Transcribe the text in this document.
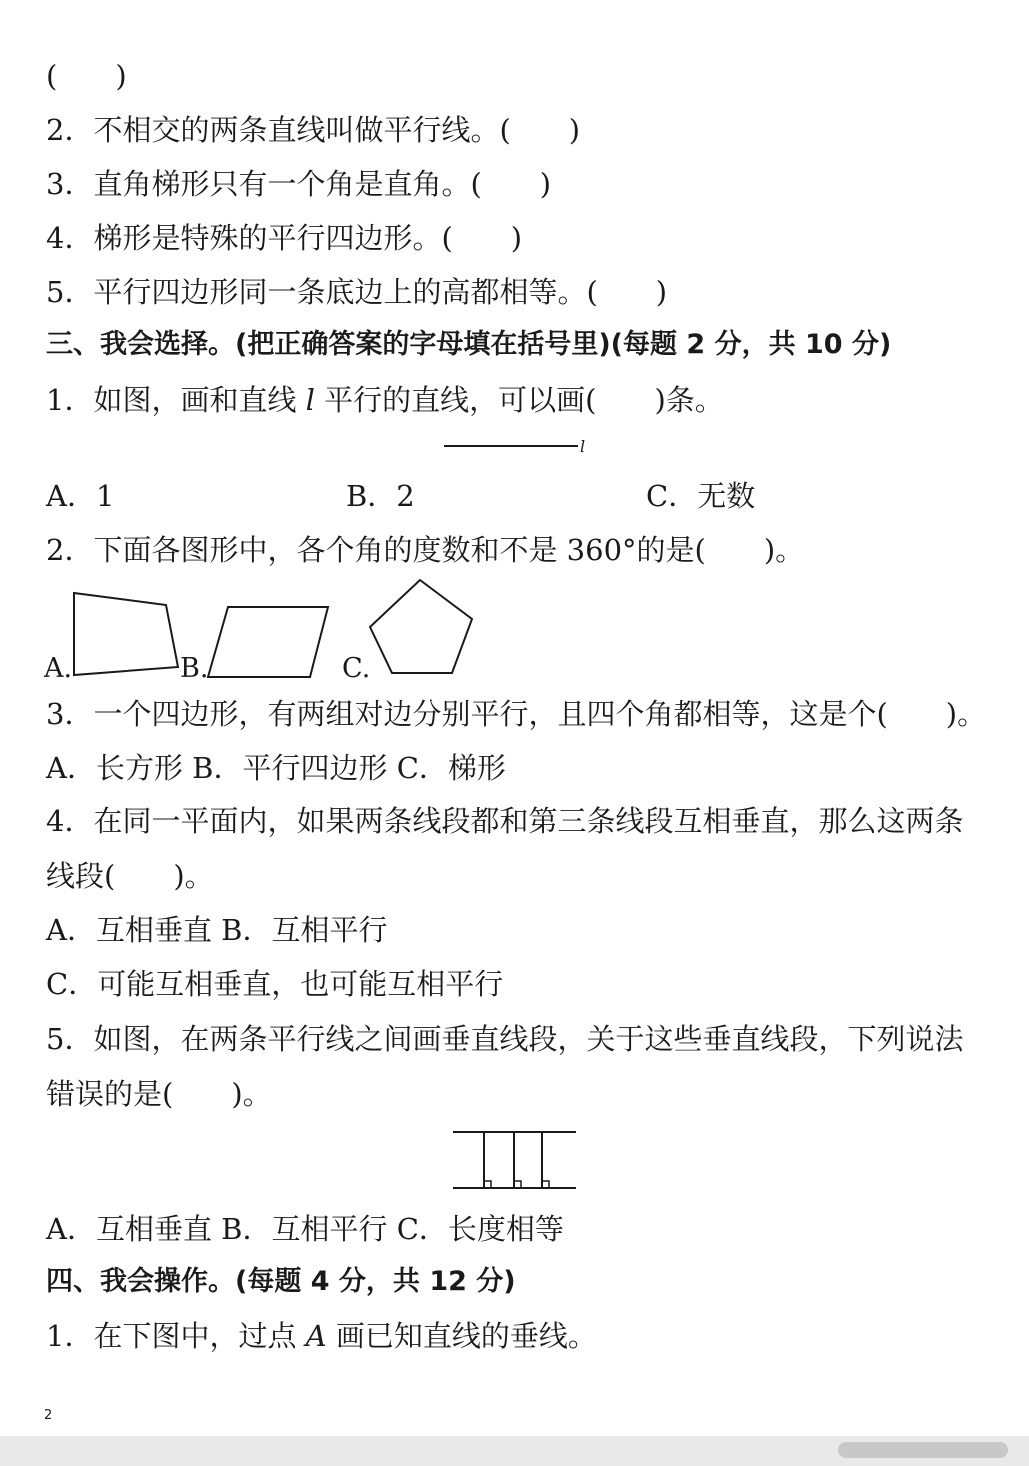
(　　)
2．不相交的两条直线叫做平行线。(　　)
3．直角梯形只有一个角是直角。(　　)
4．梯形是特殊的平行四边形。(　　)
5．平行四边形同一条底边上的高都相等。(　　)
三、我会选择。(把正确答案的字母填在括号里)(每题 2 分，共 10 分)
1．如图，画和直线 l 平行的直线，可以画(　　)条。
l
A．1	B．2	C．无数
2．下面各图形中，各个角的度数和不是 360°的是(　　)。
A.	B.	C.
3．一个四边形，有两组对边分别平行，且四个角都相等，这是个(　　)。
A．长方形 B．平行四边形 C．梯形
4．在同一平面内，如果两条线段都和第三条线段互相垂直，那么这两条
线段(　　)。
A．互相垂直 B．互相平行
C．可能互相垂直，也可能互相平行
5．如图，在两条平行线之间画垂直线段，关于这些垂直线段，下列说法
错误的是(　　)。
A．互相垂直 B．互相平行 C．长度相等
四、我会操作。(每题 4 分，共 12 分)
1．在下图中，过点 A 画已知直线的垂线。
2
